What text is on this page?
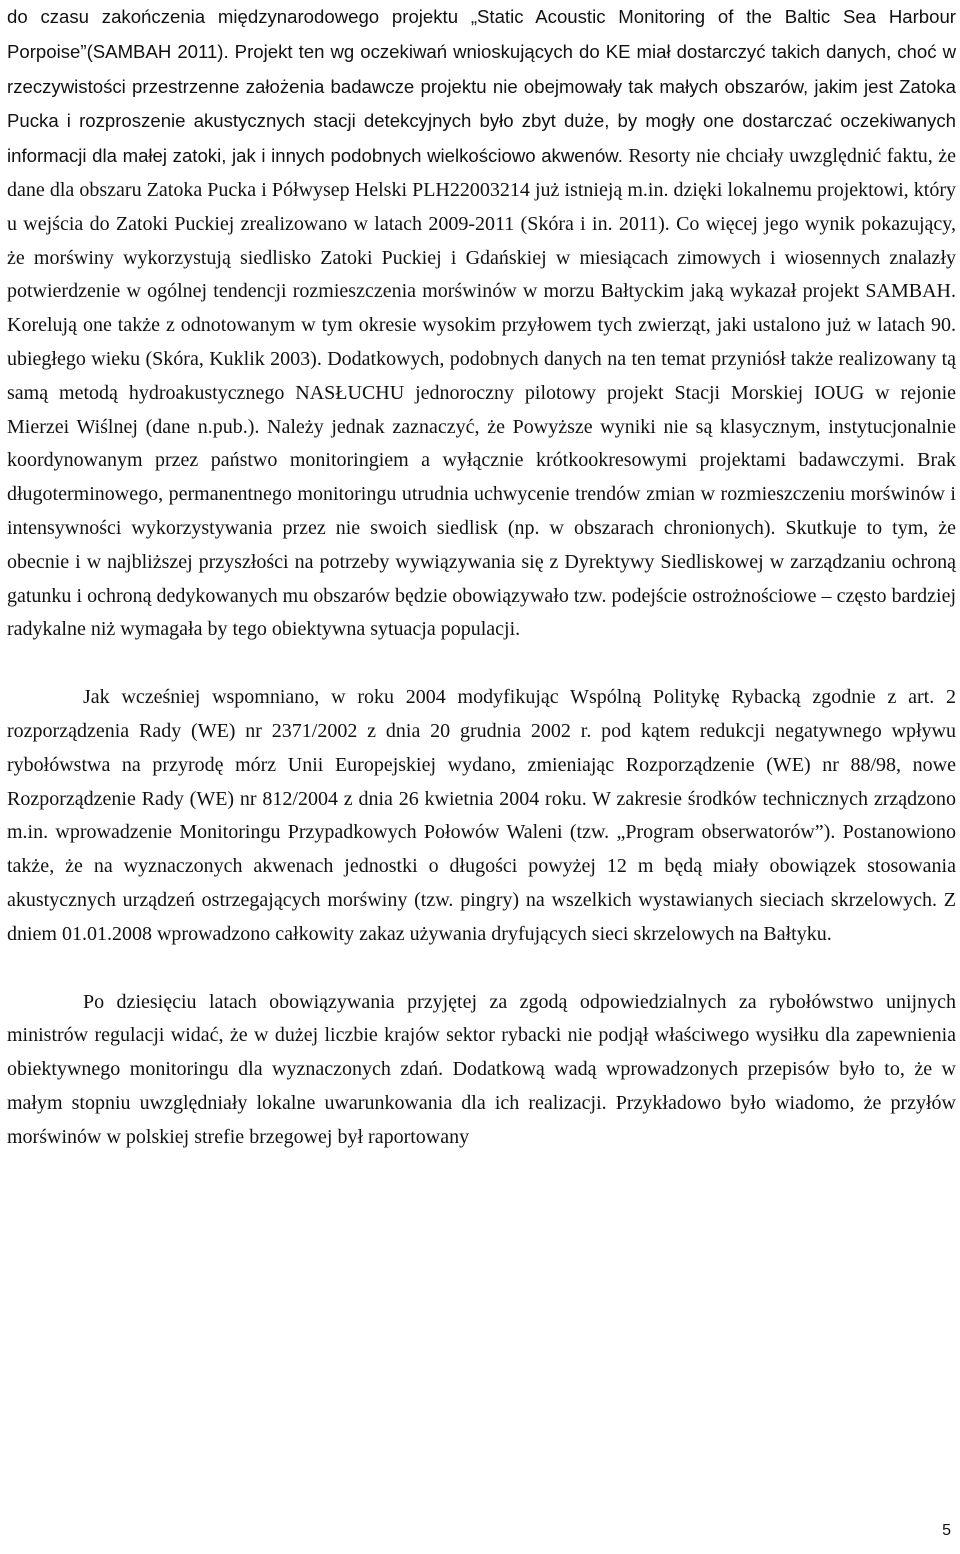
do czasu zakończenia międzynarodowego projektu „Static Acoustic Monitoring of the Baltic Sea Harbour Porpoise”(SAMBAH 2011). Projekt ten wg oczekiwań wnioskujących do KE miał dostarczyć takich danych, choć w rzeczywistości przestrzenne założenia badawcze projektu nie obejmowały tak małych obszarów, jakim jest Zatoka Pucka i rozproszenie akustycznych stacji detekcyjnych było zbyt duże, by mogły one dostarczać oczekiwanych informacji dla małej zatoki, jak i innych podobnych wielkościowo akwenów. Resorty nie chciały uwzględnić faktu, że dane dla obszaru Zatoka Pucka i Półwysep Helski PLH22003214 już istnieją m.in. dzięki lokalnemu projektowi, który u wejścia do Zatoki Puckiej zrealizowano w latach 2009-2011 (Skóra i in. 2011). Co więcej jego wynik pokazujący, że morświny wykorzystują siedlisko Zatoki Puckiej i Gdańskiej w miesiącach zimowych i wiosennych znalazły potwierdzenie w ogólnej tendencji rozmieszczenia morświnów w morzu Bałtyckim jaką wykazał projekt SAMBAH. Korelują one także z odnotowanym w tym okresie wysokim przyłowem tych zwierząt, jaki ustalono już w latach 90. ubiegłego wieku (Skóra, Kuklik 2003). Dodatkowych, podobnych danych na ten temat przyniósł także realizowany tą samą metodą hydroakustycznego NASŁUCHU jednoroczny pilotowy projekt Stacji Morskiej IOUG w rejonie Mierzei Wiślnej (dane n.pub.). Należy jednak zaznaczyć, że Powyższe wyniki nie są klasycznym, instytucjonalnie koordynowanym przez państwo monitoringiem a wyłącznie krótkookresowymi projektami badawczymi. Brak długoterminowego, permanentnego monitoringu utrudnia uchwycenie trendów zmian w rozmieszczeniu morświnów i intensywności wykorzystywania przez nie swoich siedlisk (np. w obszarach chronionych). Skutkuje to tym, że obecnie i w najbliższej przyszłości na potrzeby wywiązywania się z Dyrektywy Siedliskowej w zarządzaniu ochroną gatunku i ochroną dedykowanych mu obszarów będzie obowiązywało tzw. podejście ostrożnościowe – często bardziej radykalne niż wymagała by tego obiektywna sytuacja populacji.

Jak wcześniej wspomniano, w roku 2004 modyfikując Wspólną Politykę Rybacką zgodnie z art. 2 rozporządzenia Rady (WE) nr 2371/2002 z dnia 20 grudnia 2002 r. pod kątem redukcji negatywnego wpływu rybołówstwa na przyrodę mórz Unii Europejskiej wydano, zmieniając Rozporządzenie (WE) nr 88/98, nowe Rozporządzenie Rady (WE) nr 812/2004 z dnia 26 kwietnia 2004 roku. W zakresie środków technicznych zrządzono m.in. wprowadzenie Monitoringu Przypadkowych Połowów Waleni (tzw. „Program obserwatorów”). Postanowiono także, że na wyznaczonych akwenach jednostki o długości powyżej 12 m będą miały obowiązek stosowania akustycznych urządzeń ostrzegających morświny (tzw. pingry) na wszelkich wystawianych sieciach skrzelowych. Z dniem 01.01.2008 wprowadzono całkowity zakaz używania dryfujących sieci skrzelowych na Bałtyku.

Po dziesięciu latach obowiązywania przyjętej za zgodą odpowiedzialnych za rybołówstwo unijnych ministrów regulacji widać, że w dużej liczbie krajów sektor rybacki nie podjął właściwego wysiłku dla zapewnienia obiektywnego monitoringu dla wyznaczonych zdań. Dodatkową wadą wprowadzonych przepisów było to, że w małym stopniu uwzględniały lokalne uwarunkowania dla ich realizacji. Przykładowo było wiadomo, że przyłów morświnów w polskiej strefie brzegowej był raportowany

5
